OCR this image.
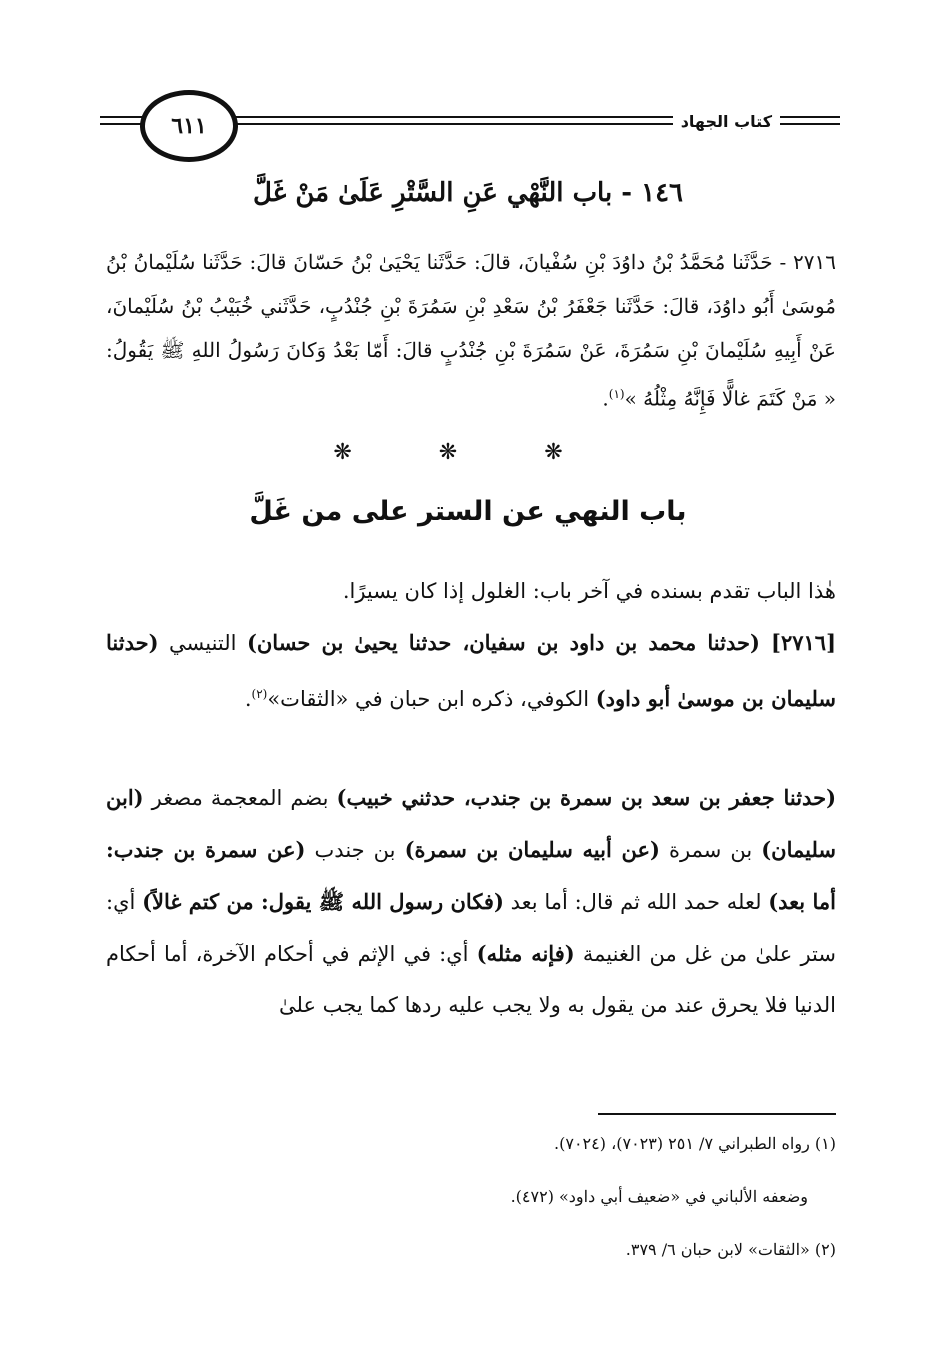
٦١١	كتاب الجهاد
١٤٦ - باب النَّهْي عَنِ السَّتْرِ عَلَىٰ مَنْ غَلَّ
٢٧١٦ - حَدَّثَنا مُحَمَّدُ بْنُ داوُدَ بْنِ سُفْيانَ، قالَ: حَدَّثَنا يَحْيَىٰ بْنُ حَسّانَ قالَ: حَدَّثَنا سُلَيْمانُ بْنُ مُوسَىٰ أَبُو داوُدَ، قالَ: حَدَّثَنا جَعْفَرُ بْنُ سَعْدِ بْنِ سَمُرَةَ بْنِ جُنْدُبٍ، حَدَّثَني خُبَيْبُ بْنُ سُلَيْمانَ، عَنْ أَبِيهِ سُلَيْمانَ بْنِ سَمُرَةَ، عَنْ سَمُرَةَ بْنِ جُنْدُبٍ قالَ: أَمّا بَعْدُ وَكانَ رَسُولُ اللهِ ﷺ يَقُولُ: « مَنْ كَتَمَ غالًّا فَإِنَّهُ مِثْلُهُ »$^{(١)}$.
❋ ❋ ❋
باب النهي عن الستر على من غَلَّ
هٰذا الباب تقدم بسنده في آخر باب: الغلول إذا كان يسيرًا.
[٢٧١٦] (حدثنا محمد بن داود بن سفيان، حدثنا يحيىٰ بن حسان) التنيسي (حدثنا سليمان بن موسىٰ أبو داود) الكوفي، ذكره ابن حبان في «الثقات»$^{(٢)}$.
(حدثنا جعفر بن سعد بن سمرة بن جندب، حدثني خبيب) بضم المعجمة مصغر (ابن سليمان) بن سمرة (عن أبيه سليمان بن سمرة) بن جندب (عن سمرة بن جندب: أما بعد) لعله حمد الله ثم قال: أما بعد (فكان رسول الله ﷺ يقول: من كتم غالاً) أي: ستر علىٰ من غل من الغنيمة (فإنه مثله) أي: في الإثم في أحكام الآخرة، أما أحكام الدنيا فلا يحرق عند من يقول به ولا يجب عليه ردها كما يجب علىٰ
(١) رواه الطبراني ٧/ ٢٥١ (٧٠٢٣)، (٧٠٢٤).
وضعفه الألباني في «ضعيف أبي داود» (٤٧٢).
(٢) «الثقات» لابن حبان ٦/ ٣٧٩.
